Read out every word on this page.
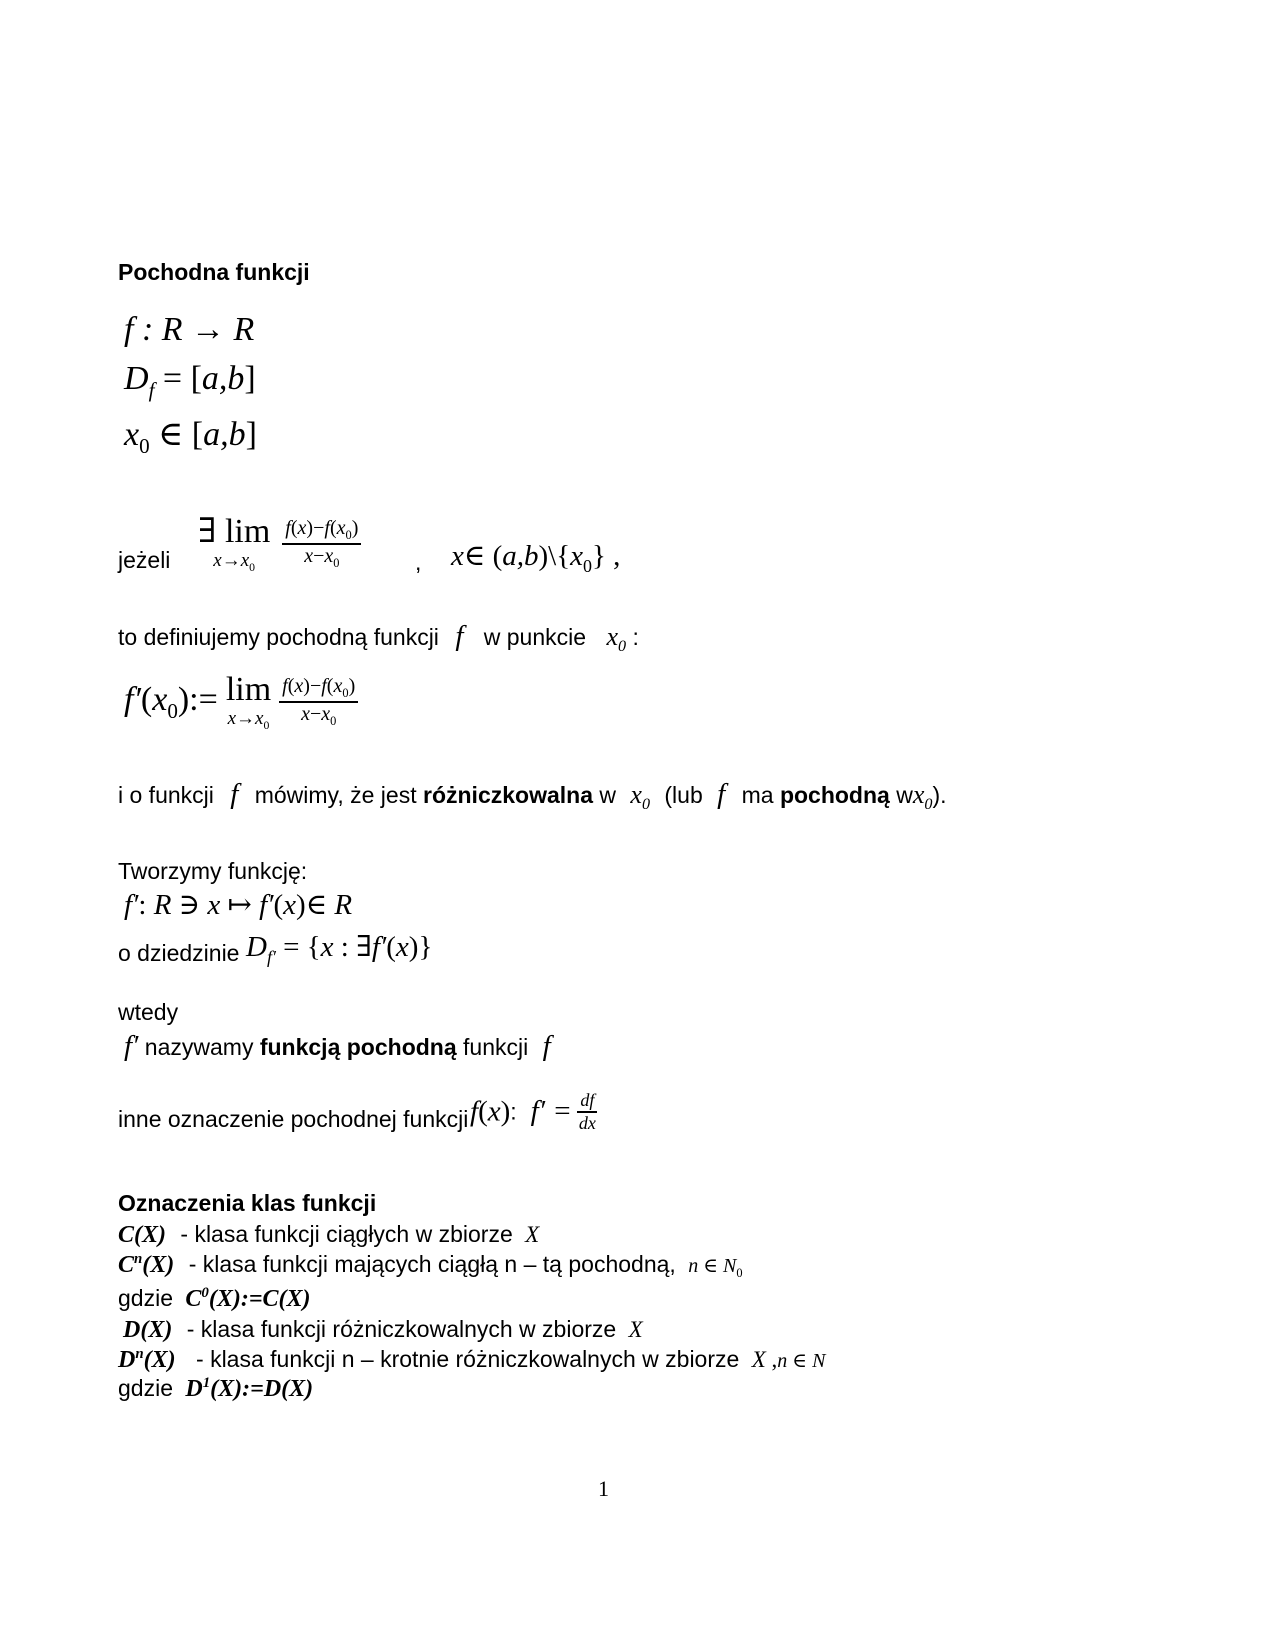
Pochodna funkcji
f : R → R
$D_f = [a,b]$
$x_0$ ∈ [a,b]
jeżeli
∃ lim
$x\to x_0$
$\frac{f(x)-f(x_0)}{x-x_0}$ , x∈ $(a,b)\backslash\{x_0\}$ ,
to definiujemy pochodną funkcji f w punkcie $x_0$ :
$f'(x_0):= \lim$
$x\to x_0$
$\frac{f(x)-f(x_0)}{x-x_0}$
i o funkcji f mówimy, że jest różniczkowalna w $x_0$ (lub f ma pochodną $wx_0$).
Tworzymy funkcję:
f′: R ∋ x ↦ f′(x)∈ R
o dziedzinie $D_{f'} = \{x$ : ∃f′(x)}
wtedy
f′ nazywamy funkcją pochodną funkcji f
inne oznaczenie pochodnej funkcji f(x): $f' = \frac{df}{dx}$
Oznaczenia klas funkcji
C(X) - klasa funkcji ciągłych w zbiorze X
$C^n(X)$ - klasa funkcji mających ciągłą n – tą pochodną, n ∈ $N_0$
gdzie $C^0(X):=C(X)$
D(X) - klasa funkcji różniczkowalnych w zbiorze X
$D^n(X)$ - klasa funkcji n – krotnie różniczkowalnych w zbiorze X ,n ∈ N
gdzie $D^1(X):=D(X)$
1
